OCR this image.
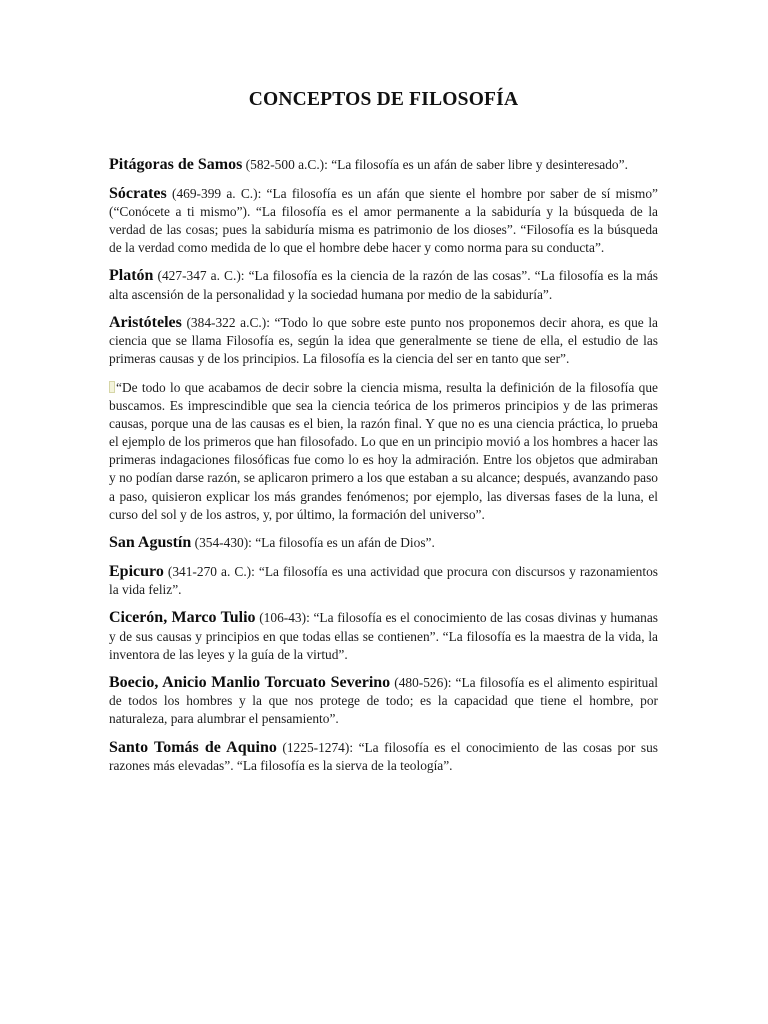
CONCEPTOS DE FILOSOFÍA

Pitágoras de Samos (582-500 a.C.): “La filosofía es un afán de saber libre y desinteresado”.

Sócrates (469-399 a. C.): “La filosofía es un afán que siente el hombre por saber de sí mismo” (“Conócete a ti mismo”). “La filosofía es el amor permanente a la sabiduría y la búsqueda de la verdad de las cosas; pues la sabiduría misma es patrimonio de los dioses”. “Filosofía es la búsqueda de la verdad como medida de lo que el hombre debe hacer y como norma para su conducta”.

Platón (427-347 a. C.): “La filosofía es la ciencia de la razón de las cosas”. “La filosofía es la más alta ascensión de la personalidad y la sociedad humana por medio de la sabiduría”.

Aristóteles (384-322 a.C.): “Todo lo que sobre este punto nos proponemos decir ahora, es que la ciencia que se llama Filosofía es, según la idea que generalmente se tiene de ella, el estudio de las primeras causas y de los principios. La filosofía es la ciencia del ser en tanto que ser”.

“De todo lo que acabamos de decir sobre la ciencia misma, resulta la definición de la filosofía que buscamos. Es imprescindible que sea la ciencia teórica de los primeros principios y de las primeras causas, porque una de las causas es el bien, la razón final. Y que no es una ciencia práctica, lo prueba el ejemplo de los primeros que han filosofado. Lo que en un principio movió a los hombres a hacer las primeras indagaciones filosóficas fue como lo es hoy la admiración. Entre los objetos que admiraban y no podían darse razón, se aplicaron primero a los que estaban a su alcance; después, avanzando paso a paso, quisieron explicar los más grandes fenómenos; por ejemplo, las diversas fases de la luna, el curso del sol y de los astros, y, por último, la formación del universo”.

San Agustín (354-430): “La filosofía es un afán de Dios”.

Epicuro (341-270 a. C.): “La filosofía es una actividad que procura con discursos y razonamientos la vida feliz”.

Cicerón, Marco Tulio (106-43): “La filosofía es el conocimiento de las cosas divinas y humanas y de sus causas y principios en que todas ellas se contienen”. “La filosofía es la maestra de la vida, la inventora de las leyes y la guía de la virtud”.

Boecio, Anicio Manlio Torcuato Severino (480-526): “La filosofía es el alimento espiritual de todos los hombres y la que nos protege de todo; es la capacidad que tiene el hombre, por naturaleza, para alumbrar el pensamiento”.

Santo Tomás de Aquino (1225-1274): “La filosofía es el conocimiento de las cosas por sus razones más elevadas”. “La filosofía es la sierva de la teología”.
